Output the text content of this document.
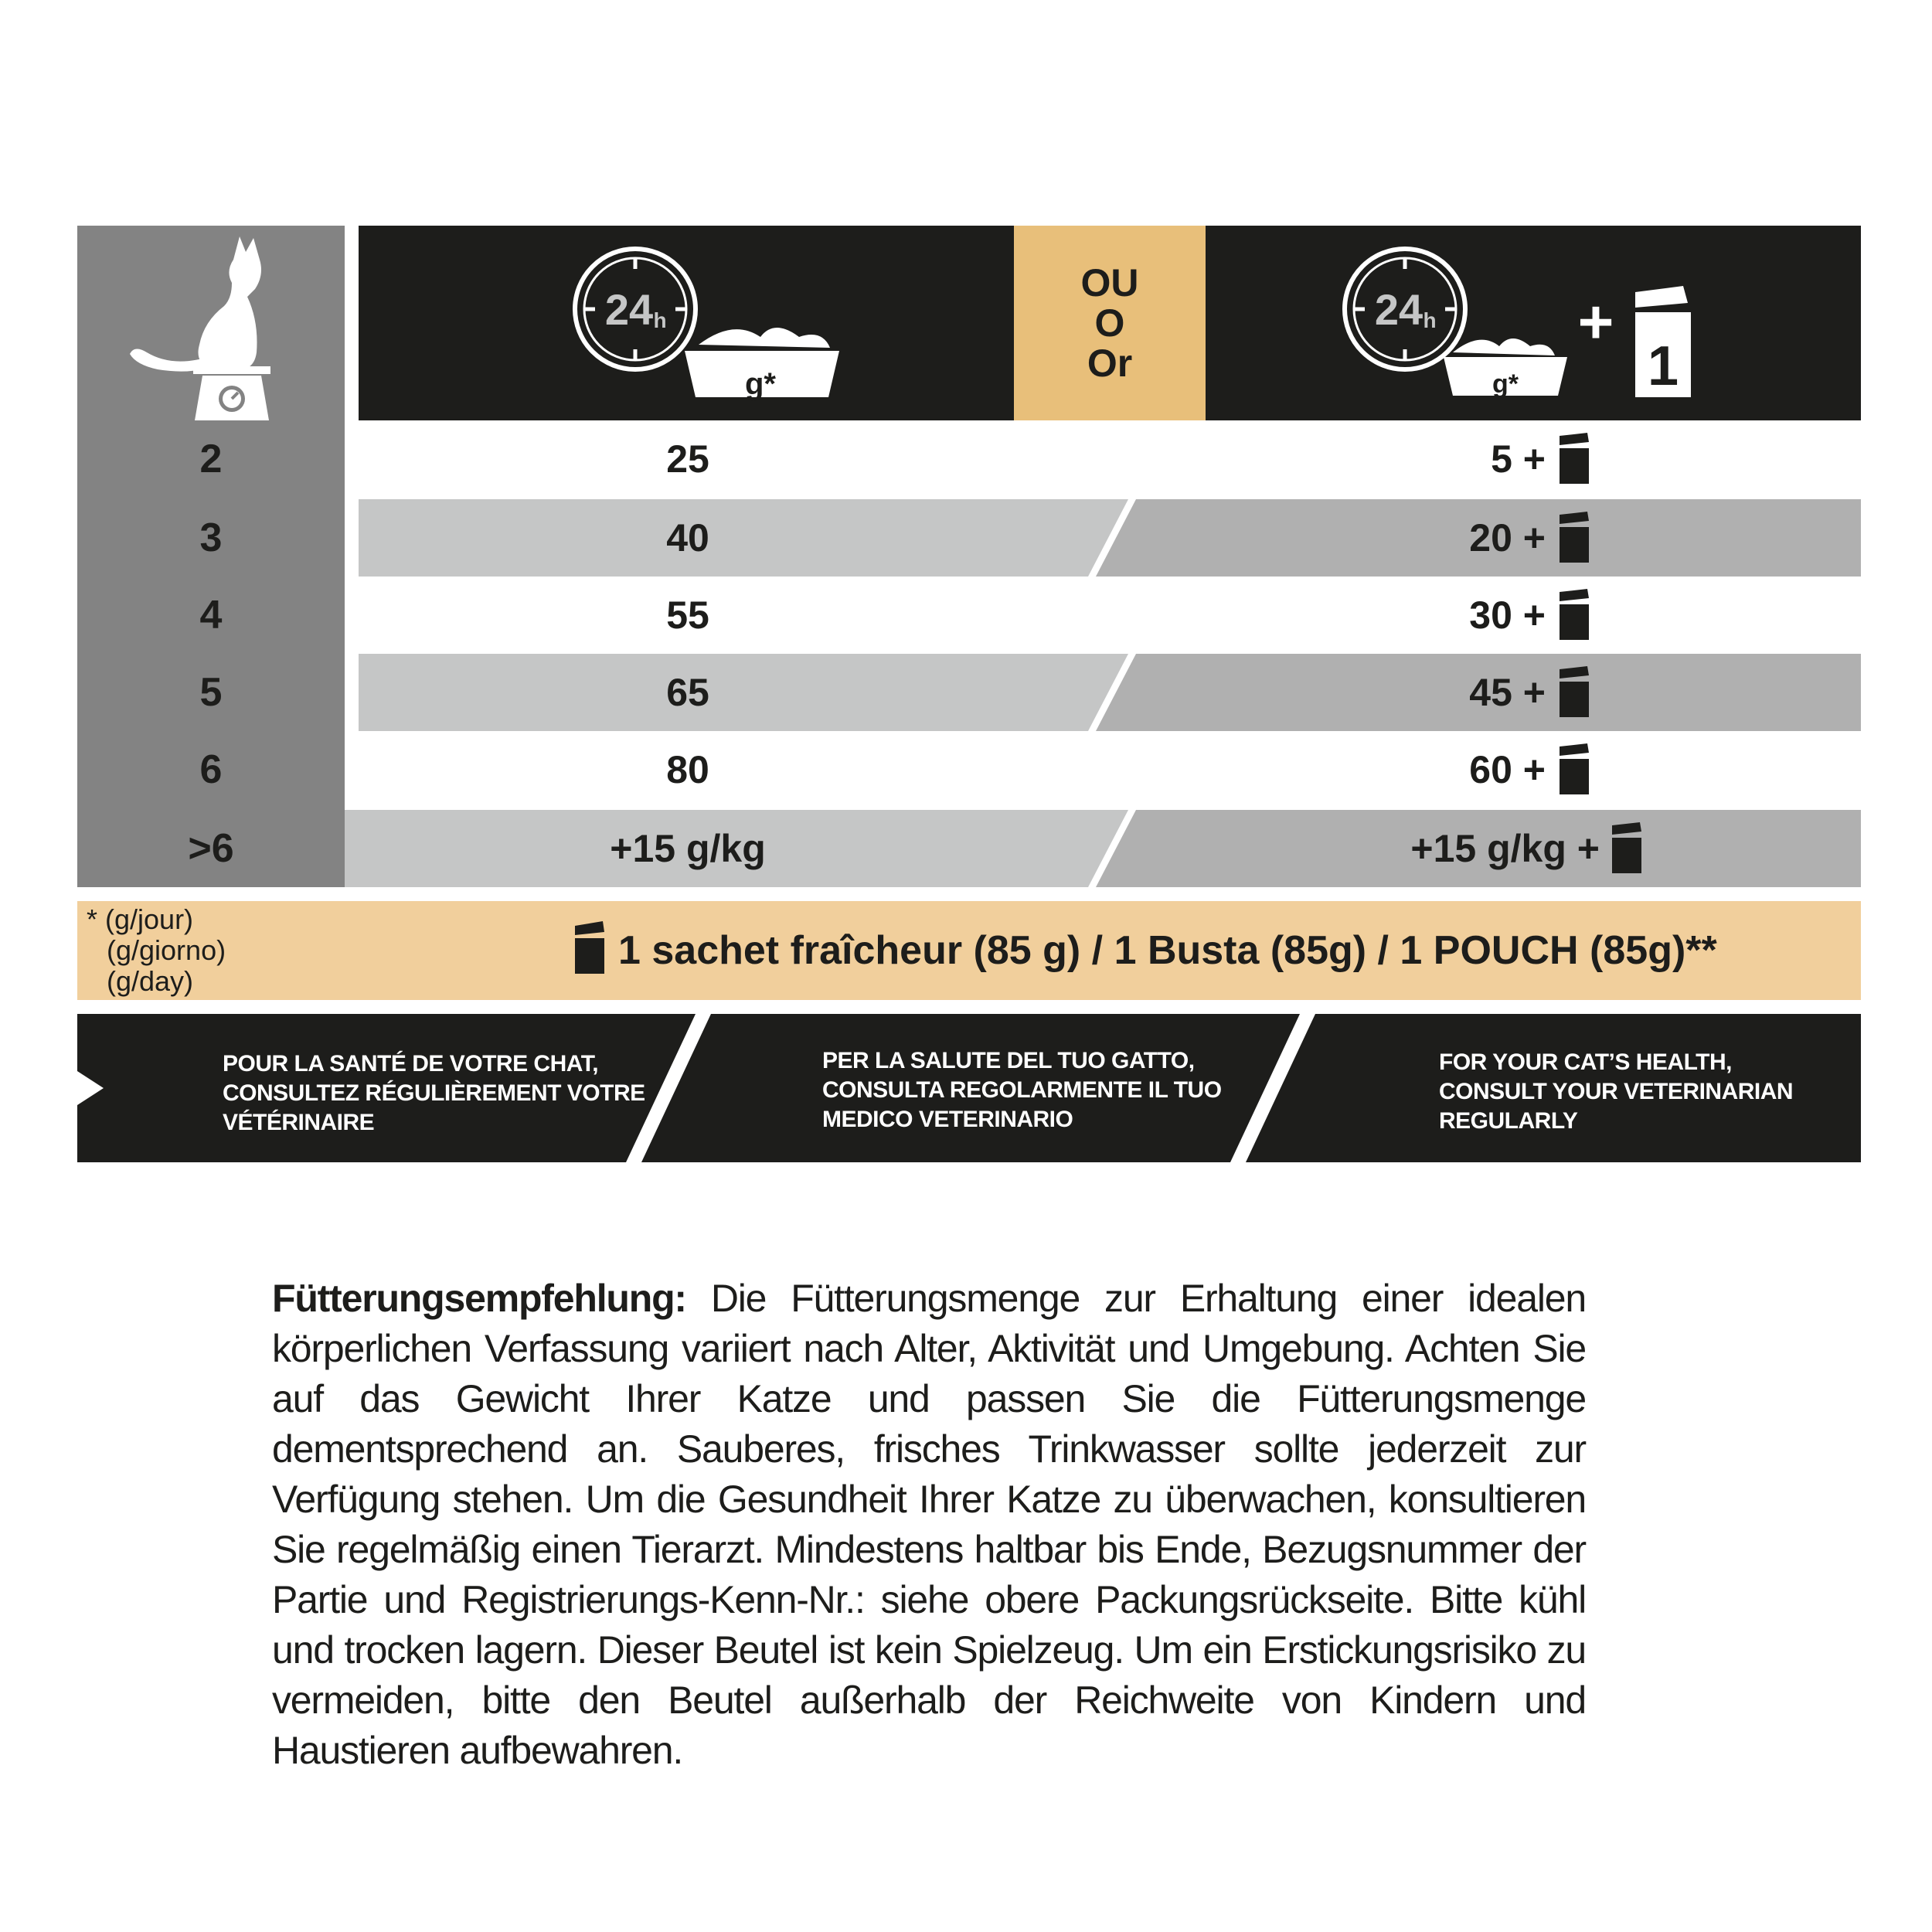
24 h
g*
OU
O
Or
24 h
g*
+
1
2
3
4
5
6
>6
25
40
55
65
80
+15 g/kg
5 +
20 +
30 +
45 +
60 +
+15 g/kg +
* (g/jour)
(g/giorno)
(g/day)
1 sachet fraîcheur (85 g) / 1 Busta (85g) / 1 POUCH (85g)**
POUR LA SANTÉ DE VOTRE CHAT,
CONSULTEZ RÉGULIÈREMENT VOTRE
VÉTÉRINAIRE
PER LA SALUTE DEL TUO GATTO,
CONSULTA REGOLARMENTE IL TUO
MEDICO VETERINARIO
FOR YOUR CAT’S HEALTH,
CONSULT YOUR VETERINARIAN
REGULARLY
Fütterungsempfehlung: Die Fütterungsmenge zur Erhaltung einer idealen körperlichen Verfassung variiert nach Alter, Aktivität und Umgebung. Achten Sie auf das Gewicht Ihrer Katze und passen Sie die Fütterungsmenge dementsprechend an. Sauberes, frisches Trinkwasser sollte jederzeit zur Verfügung stehen. Um die Gesundheit Ihrer Katze zu überwachen, konsultieren Sie regelmäßig einen Tierarzt. Mindestens haltbar bis Ende, Bezugsnummer der Partie und Registrierungs-Kenn-Nr.: siehe obere Packungsrückseite. Bitte kühl und trocken lagern. Dieser Beutel ist kein Spielzeug. Um ein Erstickungsrisiko zu vermeiden, bitte den Beutel außerhalb der Reichweite von Kindern und Haustieren aufbewahren.
